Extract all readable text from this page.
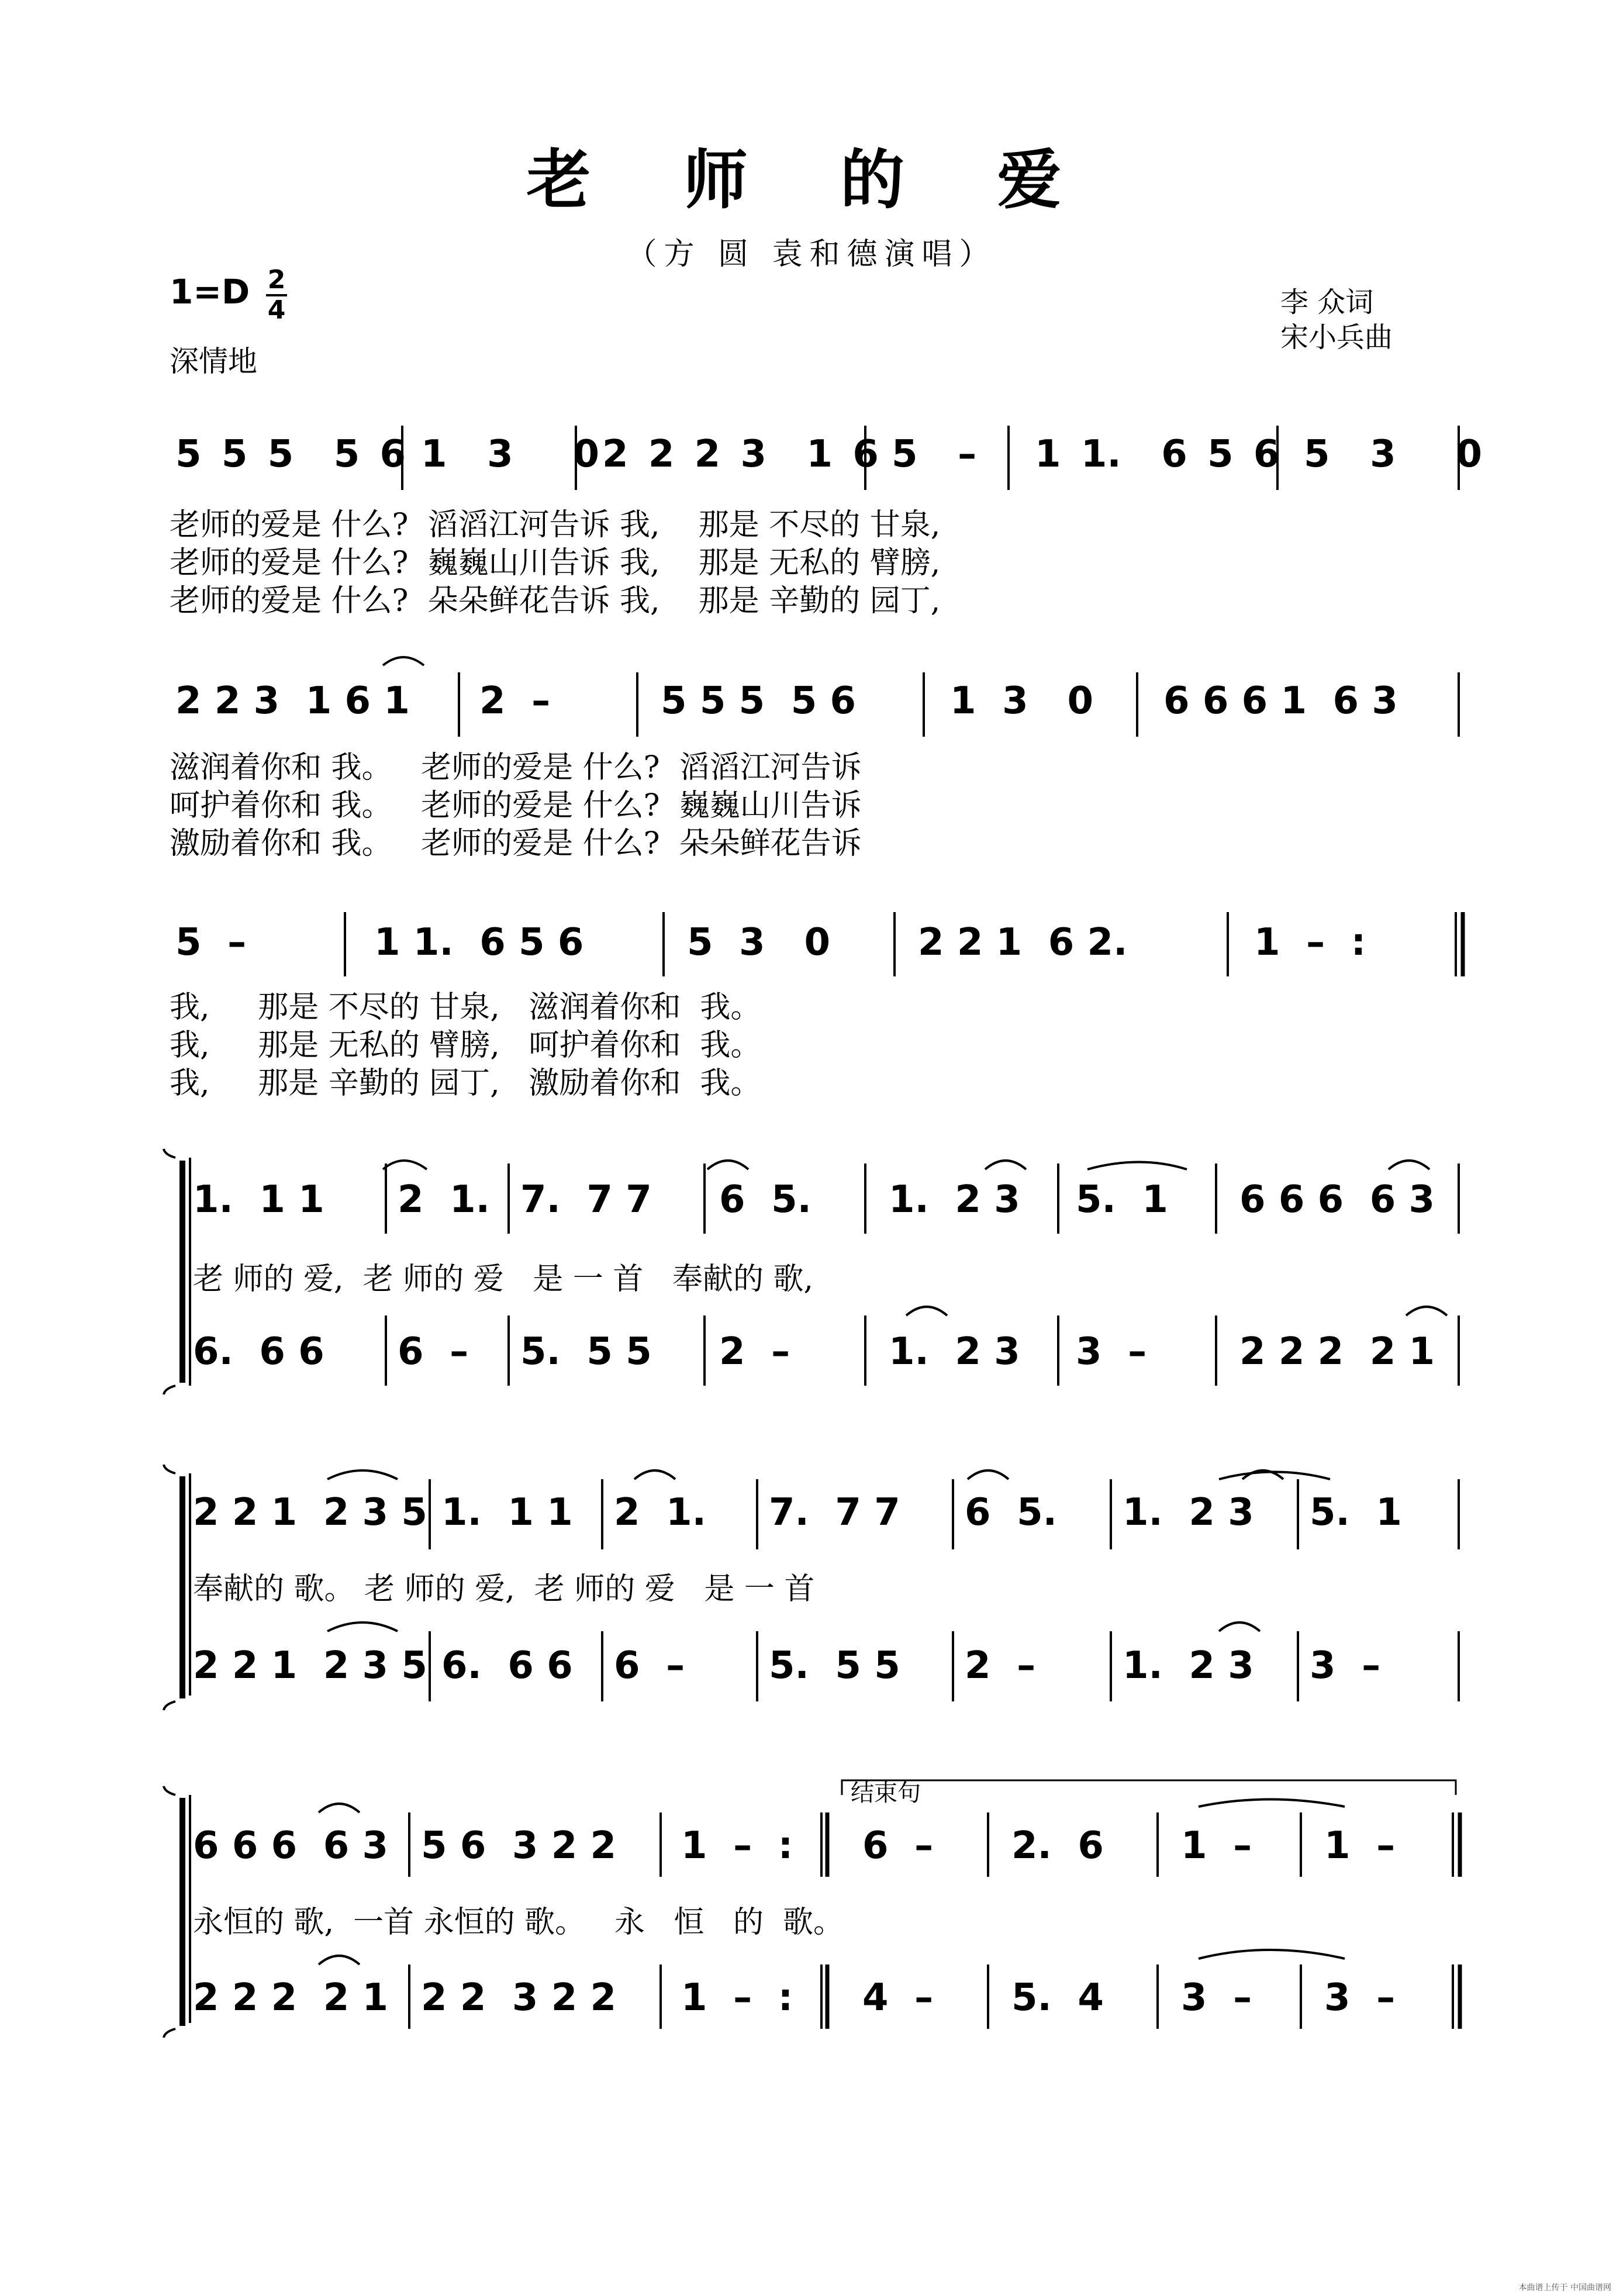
老 师 的 爱
（方 圆 袁和德演唱）
1=D 2
4
深情地
李 众词
宋小兵曲
5 5 5  5 6 1  3   0 2 2 2 3  1 6 5  – 1 1.  6 5 6 5  3   0
老师的爱是 什么?  滔滔江河告诉 我,    那是 不尽的 甘泉,
老师的爱是 什么?  巍巍山川告诉 我,    那是 无私的 臂膀,
老师的爱是 什么?  朵朵鲜花告诉 我,    那是 辛勤的 园丁,
2 2 3  1 6 1 2  –	5 5 5  5 6	1  3   0 6 6 6 1  6 3
滋润着你和 我。   老师的爱是 什么?  滔滔江河告诉
呵护着你和 我。   老师的爱是 什么?  巍巍山川告诉
激励着你和 我。   老师的爱是 什么?  朵朵鲜花告诉
5  –	1 1.  6 5 6	5  3   0 2 2 1  6 2.	1  –  :
我,     那是 不尽的 甘泉,   滋润着你和  我。
我,     那是 无私的 臂膀,   呵护着你和  我。
我,     那是 辛勤的 园丁,   激励着你和  我。
1.  1 1 2  1. 7.  7 7 6  5. 1.  2 3 5.  1 6 6 6  6 3
老 师的 爱,  老 师的 爱   是 一 首   奉献的 歌,
6.  6 6 6  – 5.  5 5 2  –	1.  2 3 3  – 2 2 2  2 1
2 2 1  2 3 5 1.  1 1 2  1. 7.  7 7 6  5. 1.  2 3 5.  1
奉献的 歌。 老 师的 爱,  老 师的 爱   是 一 首
2 2 1  2 3 5 6.  6 6 6  – 5.  5 5 2  – 1.  2 3 3  –
结束句
6 6 6  6 3 5 6  3 2 2 1  –  : 6  – 2.  6 1  – 1  –
永恒的 歌,  一首 永恒的 歌。   永   恒   的  歌。
2 2 2  2 1 2 2  3 2 2 1  –  : 4  – 5.  4 3  – 3  –
本曲谱上传于 中国曲谱网
